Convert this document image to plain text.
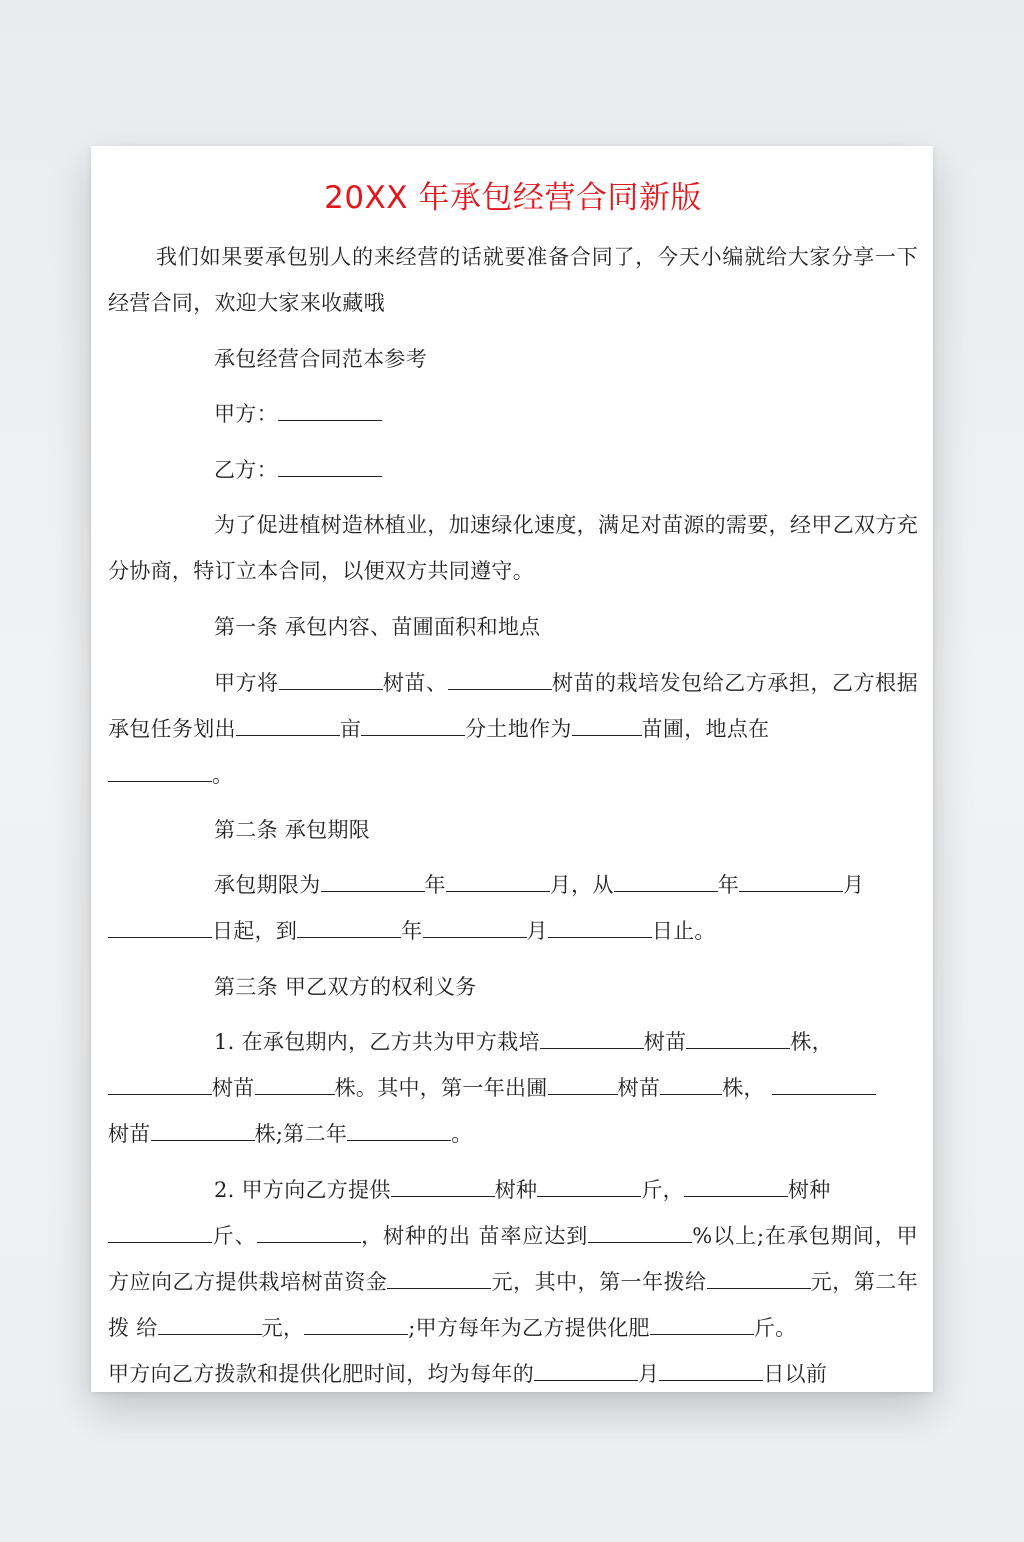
20XX 年承包经营合同新版
我们如果要承包别人的来经营的话就要准备合同了，今天小编就给大家分享一下经营合同，欢迎大家来收藏哦
承包经营合同范本参考
甲方：
乙方：
为了促进植树造林植业，加速绿化速度，满足对苗源的需要，经甲乙双方充分协商，特订立本合同，以便双方共同遵守。
第一条 承包内容、苗圃面积和地点
甲方将	树苗、	树苗的栽培发包给乙方承担，乙方根据承包任务划出	亩	分土地作为	苗圃，地点在
。
第二条 承包期限
承包期限为	年	月，从	年	月
日起，到	年	月	日止。
第三条 甲乙双方的权利义务
1. 在承包期内，乙方共为甲方栽培	树苗	株，
树苗	株。其中，第一年出圃	树苗	株，
树苗	株;第二年	。
2. 甲方向乙方提供	树种	斤，	树种
斤、	，树种的出 苗率应达到	%以上;在承包期间，甲方应向乙方提供栽培树苗资金	元，其中，第一年拨给	元，第二年拨 给	元，	;甲方每年为乙方提供化肥	斤。
甲方向乙方拨款和提供化肥时间，均为每年的	月	日以前
